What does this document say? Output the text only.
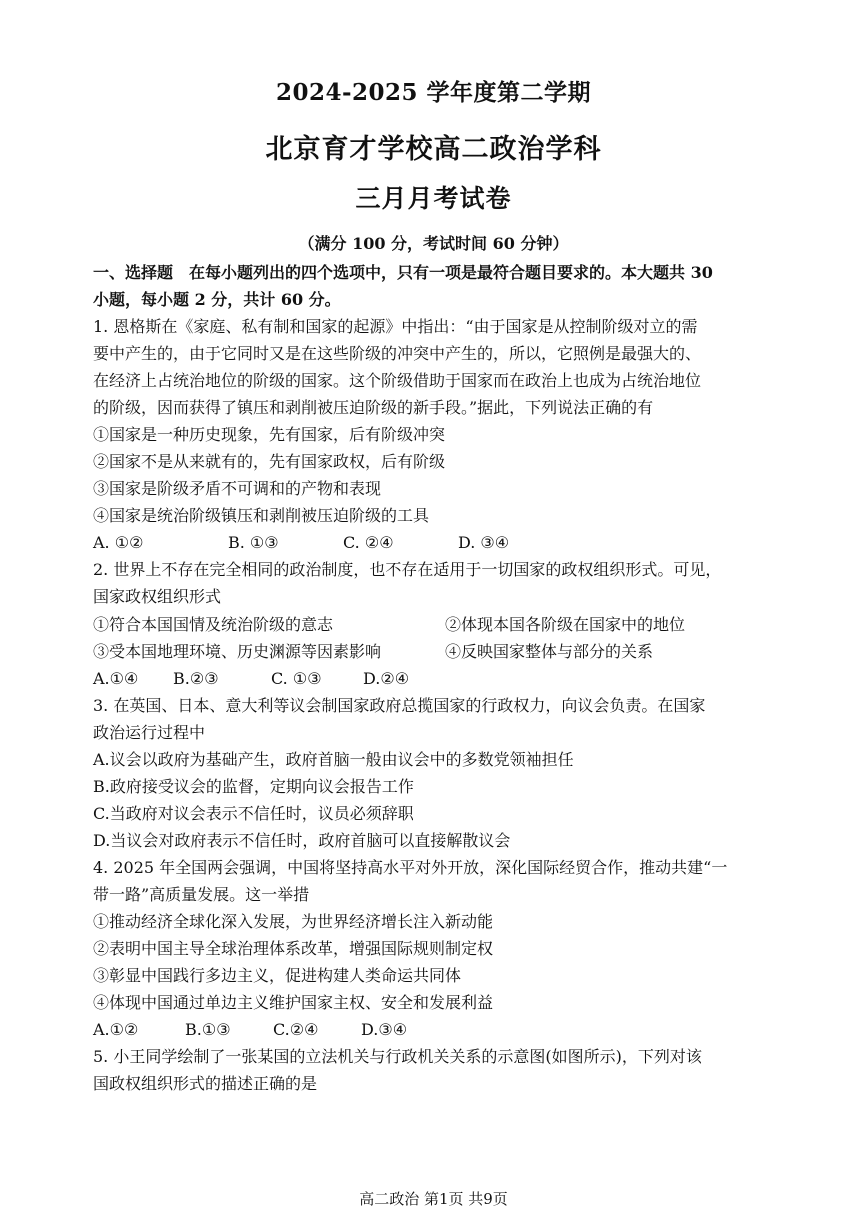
2024-2025 学年度第二学期
北京育才学校高二政治学科
三月月考试卷
（满分 100 分，考试时间 60 分钟）
一、选择题　在每小题列出的四个选项中，只有一项是最符合题目要求的。本大题共 30
小题，每小题 2 分，共计 60 分。
1. 恩格斯在《家庭、私有制和国家的起源》中指出：“由于国家是从控制阶级对立的需
要中产生的，由于它同时又是在这些阶级的冲突中产生的，所以，它照例是最强大的、
在经济上占统治地位的阶级的国家。这个阶级借助于国家而在政治上也成为占统治地位
的阶级，因而获得了镇压和剥削被压迫阶级的新手段。”据此，下列说法正确的有
①国家是一种历史现象，先有国家，后有阶级冲突
②国家不是从来就有的，先有国家政权，后有阶级
③国家是阶级矛盾不可调和的产物和表现
④国家是统治阶级镇压和剥削被压迫阶级的工具
A. ①②	B. ①③	C. ②④	D. ③④
2. 世界上不存在完全相同的政治制度，也不存在适用于一切国家的政权组织形式。可见，
国家政权组织形式
①符合本国国情及统治阶级的意志	②体现本国各阶级在国家中的地位
③受本国地理环境、历史渊源等因素影响	④反映国家整体与部分的关系
A.①④ B.②③	C. ①③	D.②④
3. 在英国、日本、意大利等议会制国家政府总揽国家的行政权力，向议会负责。在国家
政治运行过程中
A.议会以政府为基础产生，政府首脑一般由议会中的多数党领袖担任
B.政府接受议会的监督，定期向议会报告工作
C.当政府对议会表示不信任时，议员必须辞职
D.当议会对政府表示不信任时，政府首脑可以直接解散议会
4. 2025 年全国两会强调，中国将坚持高水平对外开放，深化国际经贸合作，推动共建“一
带一路”高质量发展。这一举措
①推动经济全球化深入发展，为世界经济增长注入新动能
②表明中国主导全球治理体系改革，增强国际规则制定权
③彰显中国践行多边主义，促进构建人类命运共同体
④体现中国通过单边主义维护国家主权、安全和发展利益
A.①②	B.①③	C.②④	D.③④
5. 小王同学绘制了一张某国的立法机关与行政机关关系的示意图(如图所示)，下列对该
国政权组织形式的描述正确的是
高二政治 第1页 共9页
